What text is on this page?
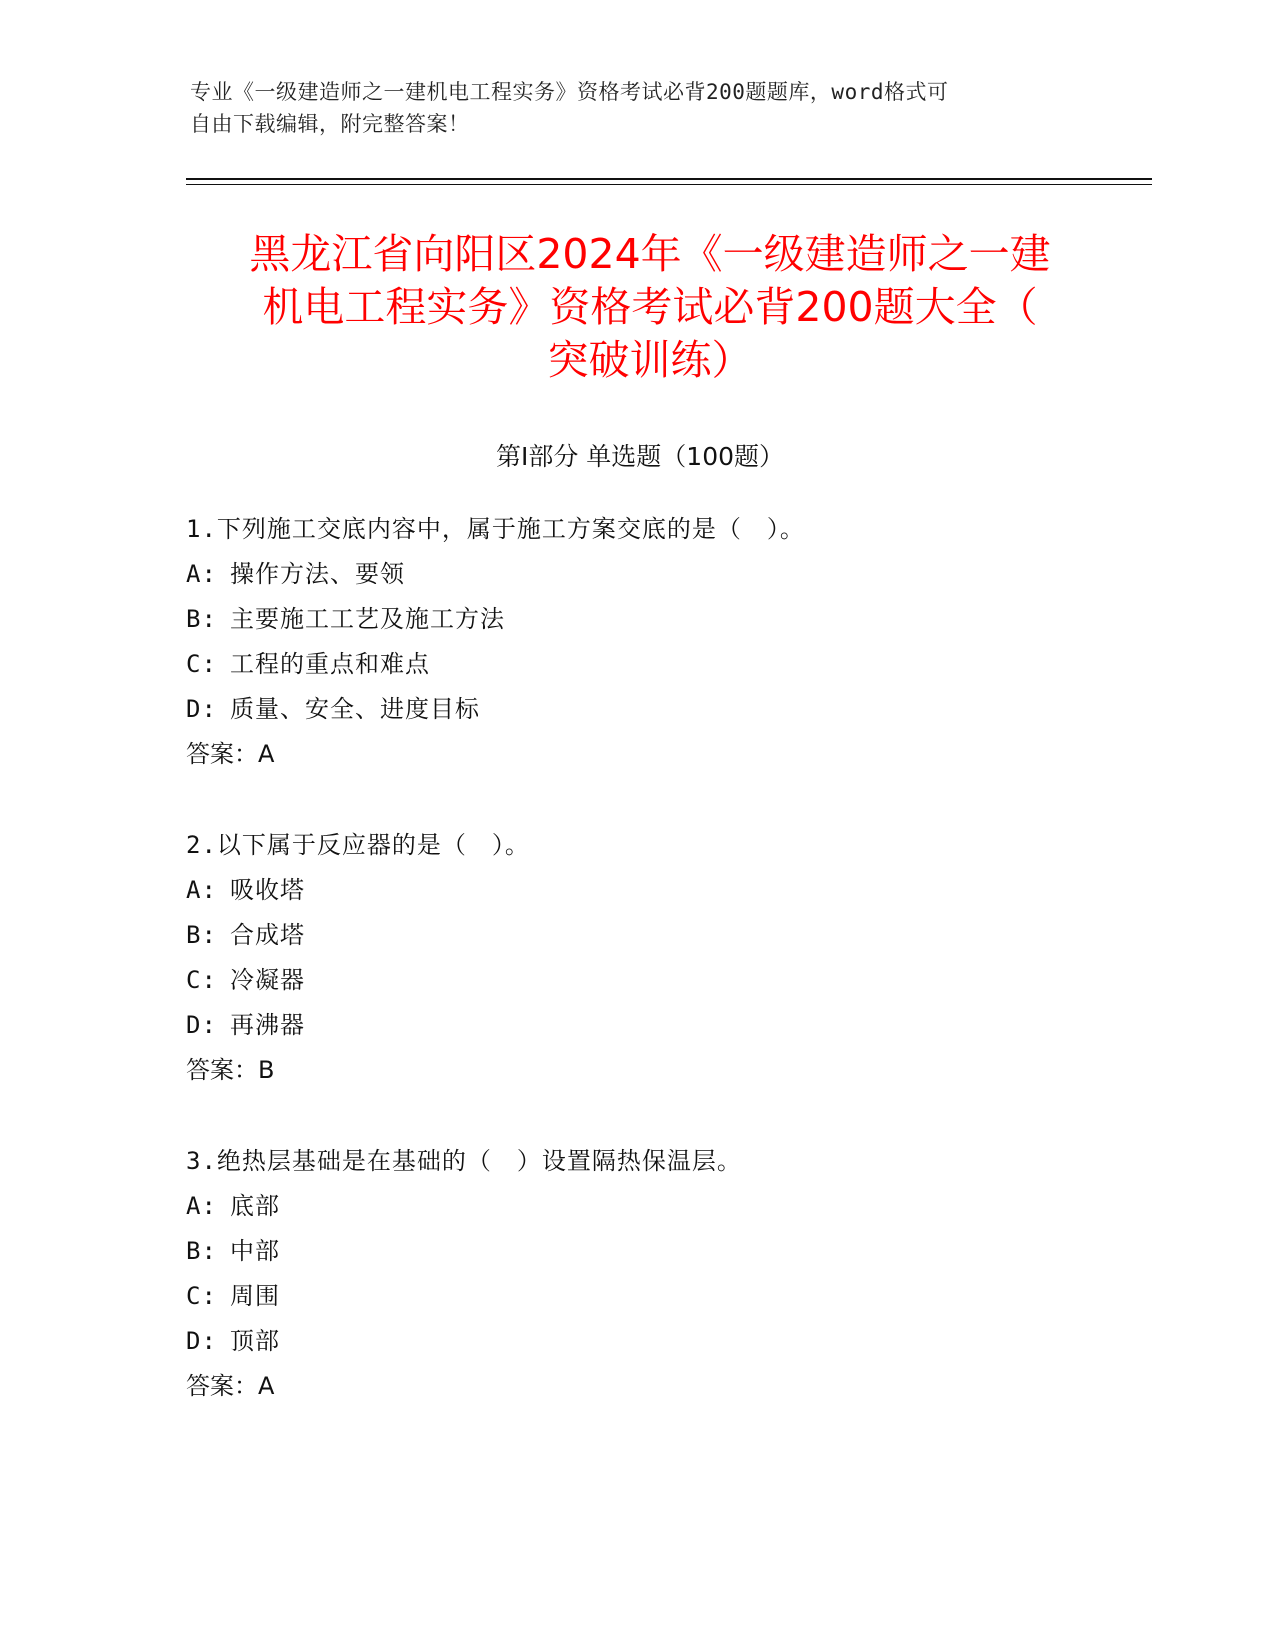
专业《一级建造师之一建机电工程实务》资格考试必背200题题库，word格式可
自由下载编辑，附完整答案！
黑龙江省向阳区2024年《一级建造师之一建
机电工程实务》资格考试必背200题大全（
突破训练）
第Ⅰ部分 单选题（100题）
1.下列施工交底内容中，属于施工方案交底的是（　）。
A: 操作方法、要领
B: 主要施工工艺及施工方法
C: 工程的重点和难点
D: 质量、安全、进度目标
答案：A
2.以下属于反应器的是（　）。
A: 吸收塔
B: 合成塔
C: 冷凝器
D: 再沸器
答案：B
3.绝热层基础是在基础的（　）设置隔热保温层。
A: 底部
B: 中部
C: 周围
D: 顶部
答案：A
